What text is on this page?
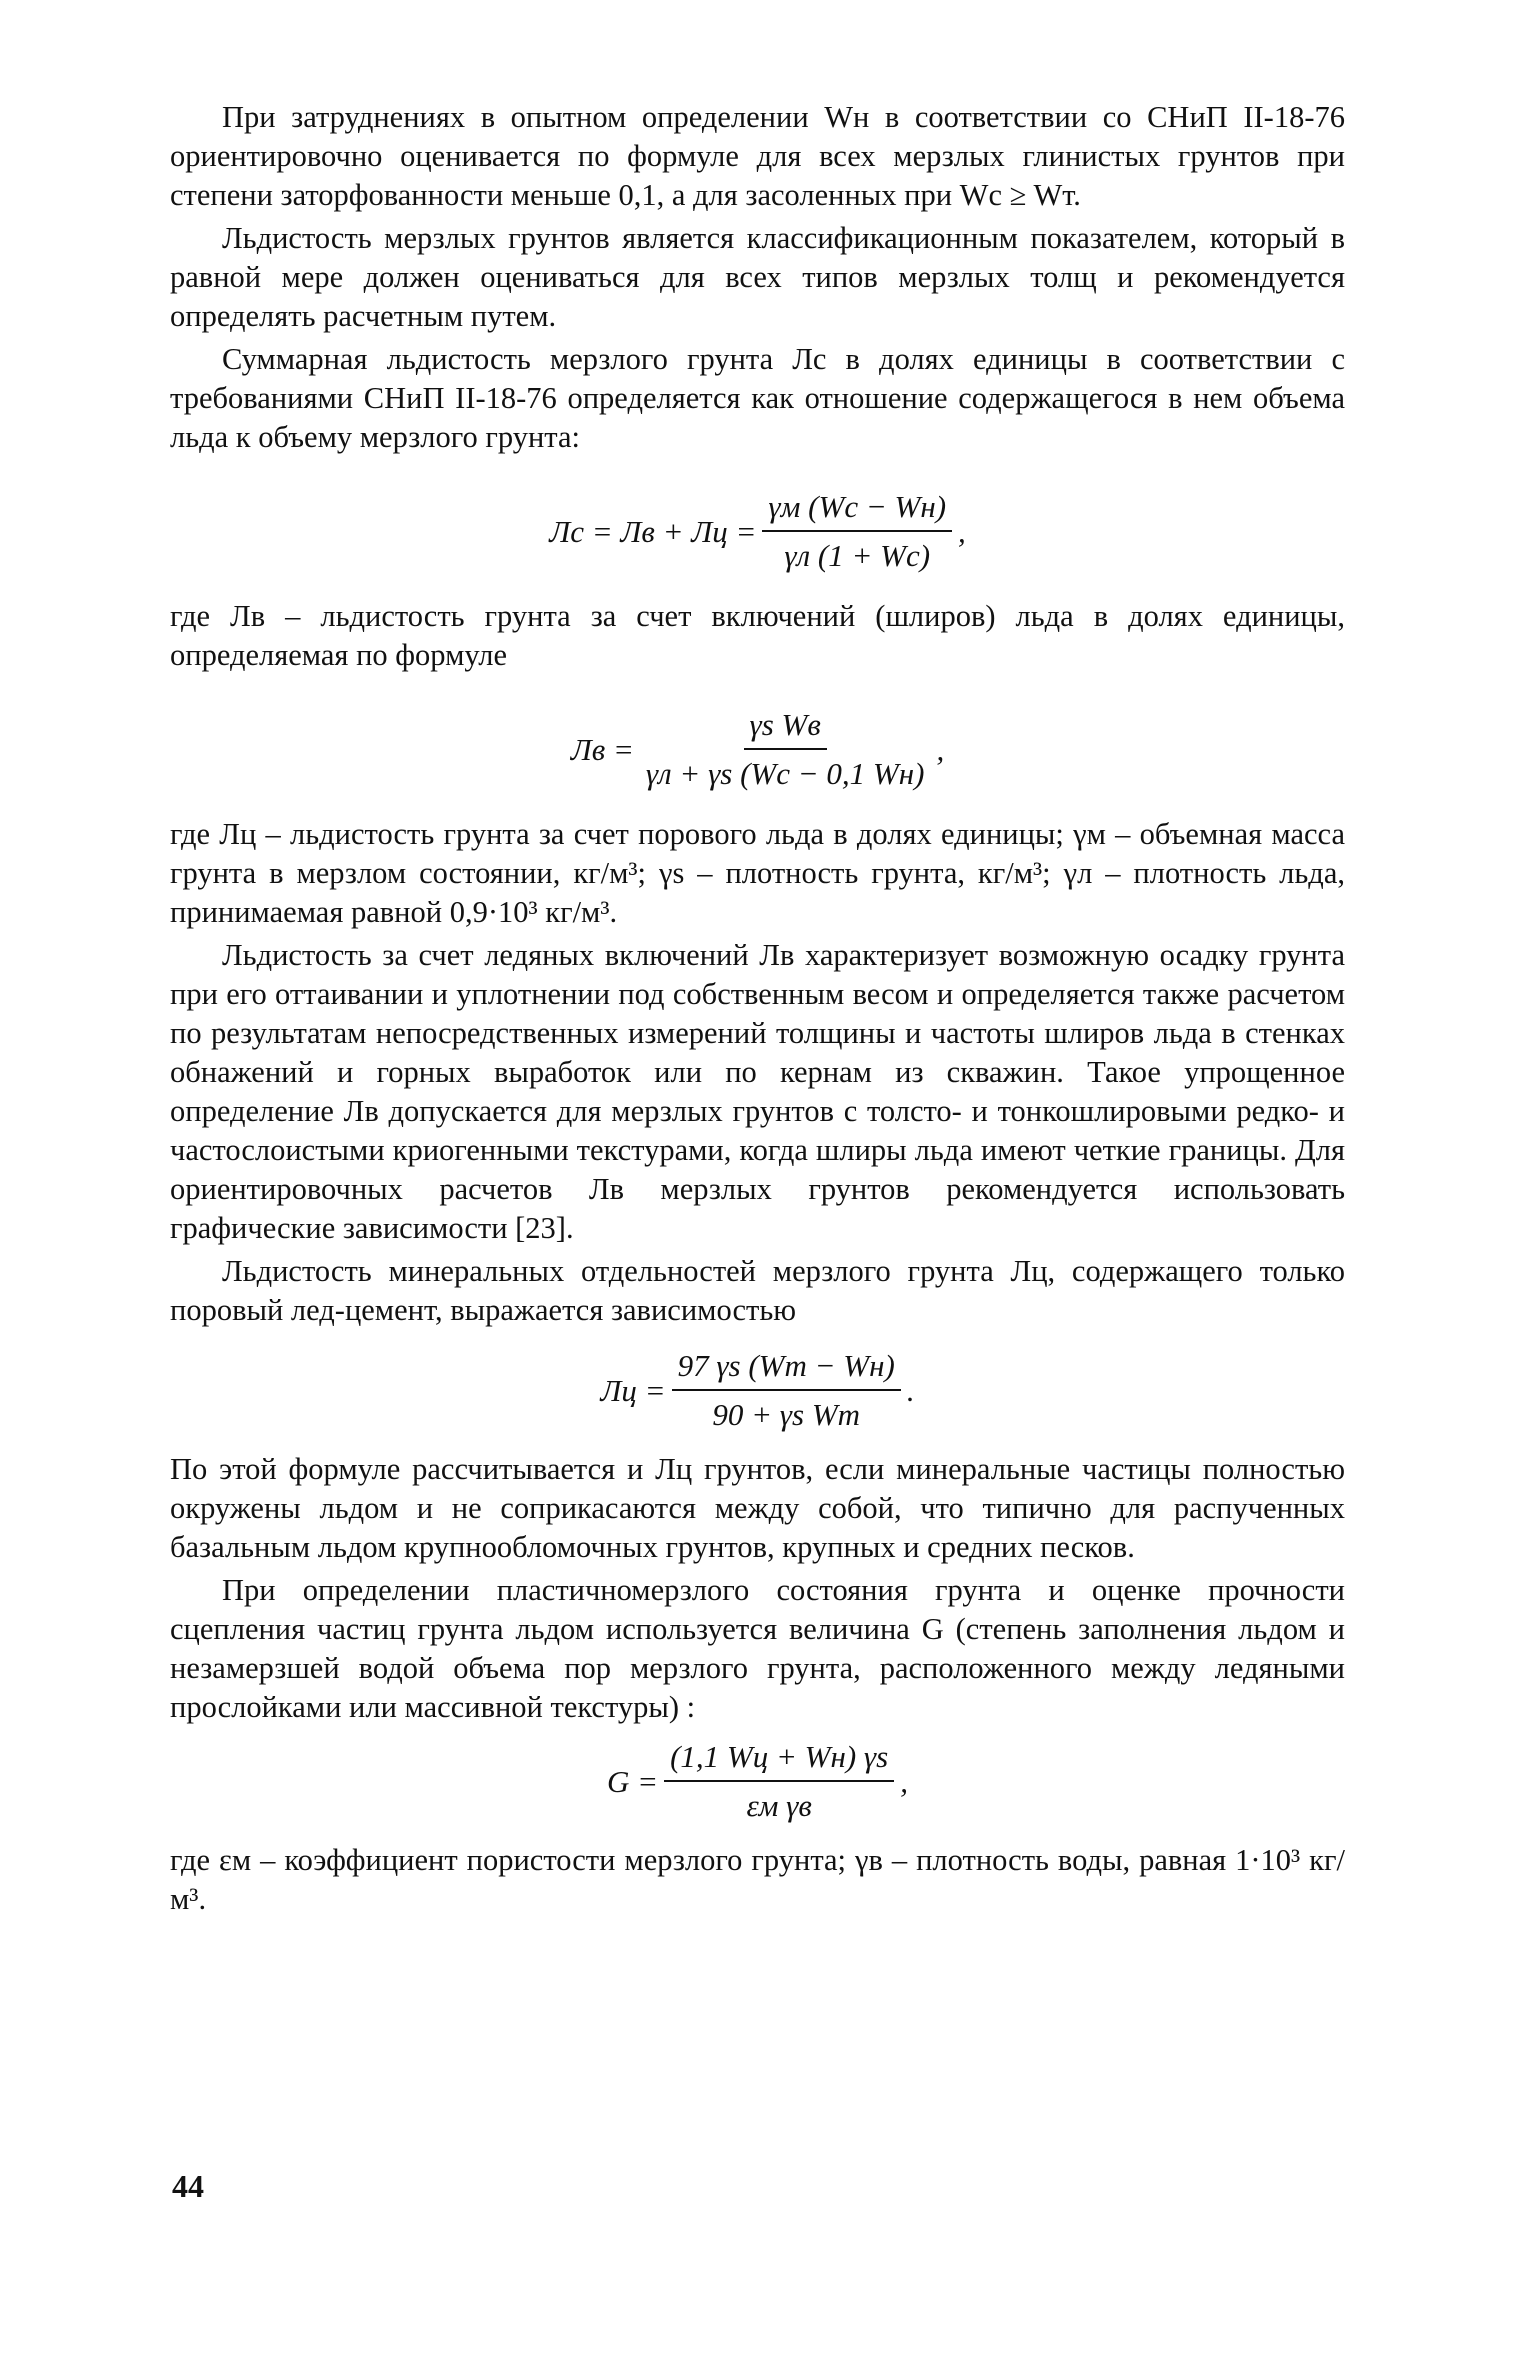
При затруднениях в опытном определении Wн в соответствии со СНиП II-18-76 ориентировочно оценивается по формуле для всех мерзлых глинистых грунтов при степени заторфованности меньше 0,1, а для засоленных при Wc ≥ Wт.

Льдистость мерзлых грунтов является классификационным показателем, который в равной мере должен оцениваться для всех типов мерзлых толщ и рекомендуется определять расчетным путем.

Суммарная льдистость мерзлого грунта Лс в долях единицы в соответствии с требованиями СНиП II-18-76 определяется как отношение содержащегося в нем объема льда к объему мерзлого грунта:

Лс = Лв + Лц = $\frac{\gamma м (Wc - Wн)}{\gamma л (1 + Wc)}$ ,

где Лв – льдистость грунта за счет включений (шлиров) льда в долях единицы, определяемая по формуле

Лв = $\frac{\text{γs Wв}}{\gamma л + \gamma s (Wc - 0,1 Wн)}$ ,

где Лц – льдистость грунта за счет порового льда в долях единицы; γм – объемная масса грунта в мерзлом состоянии, кг/м³; γs – плотность грунта, кг/м³; γл – плотность льда, принимаемая равной 0,9·10³ кг/м³.

Льдистость за счет ледяных включений Лв характеризует возможную осадку грунта при его оттаивании и уплотнении под собственным весом и определяется также расчетом по результатам непосредственных измерений толщины и частоты шлиров льда в стенках обнажений и горных выработок или по кернам из скважин. Такое упрощенное определение Лв допускается для мерзлых грунтов с толсто- и тонкошлировыми редко- и частослоистыми криогенными текстурами, когда шлиры льда имеют четкие границы. Для ориентировочных расчетов Лв мерзлых грунтов рекомендуется использовать графические зависимости [23].

Льдистость минеральных отдельностей мерзлого грунта Лц, содержащего только поровый лед-цемент, выражается зависимостью

Лц = $\frac{97 \gamma s (Wт - Wн)}{\text{90 + γs Wт}}$ .

По этой формуле рассчитывается и Лц грунтов, если минеральные частицы полностью окружены льдом и не соприкасаются между собой, что типично для распученных базальным льдом крупнообломочных грунтов, крупных и средних песков.

При определении пластичномерзлого состояния грунта и оценке прочности сцепления частиц грунта льдом используется величина G (степень заполнения льдом и незамерзшей водой объема пор мерзлого грунта, расположенного между ледяными прослойками или массивной текстуры) :

$G = \frac{(1,1 Wц + Wн) \gamma s}{\text{εм γв}}$ ,

где εм – коэффициент пористости мерзлого грунта; γв – плотность воды, равная 1·10³ кг/м³.

44
